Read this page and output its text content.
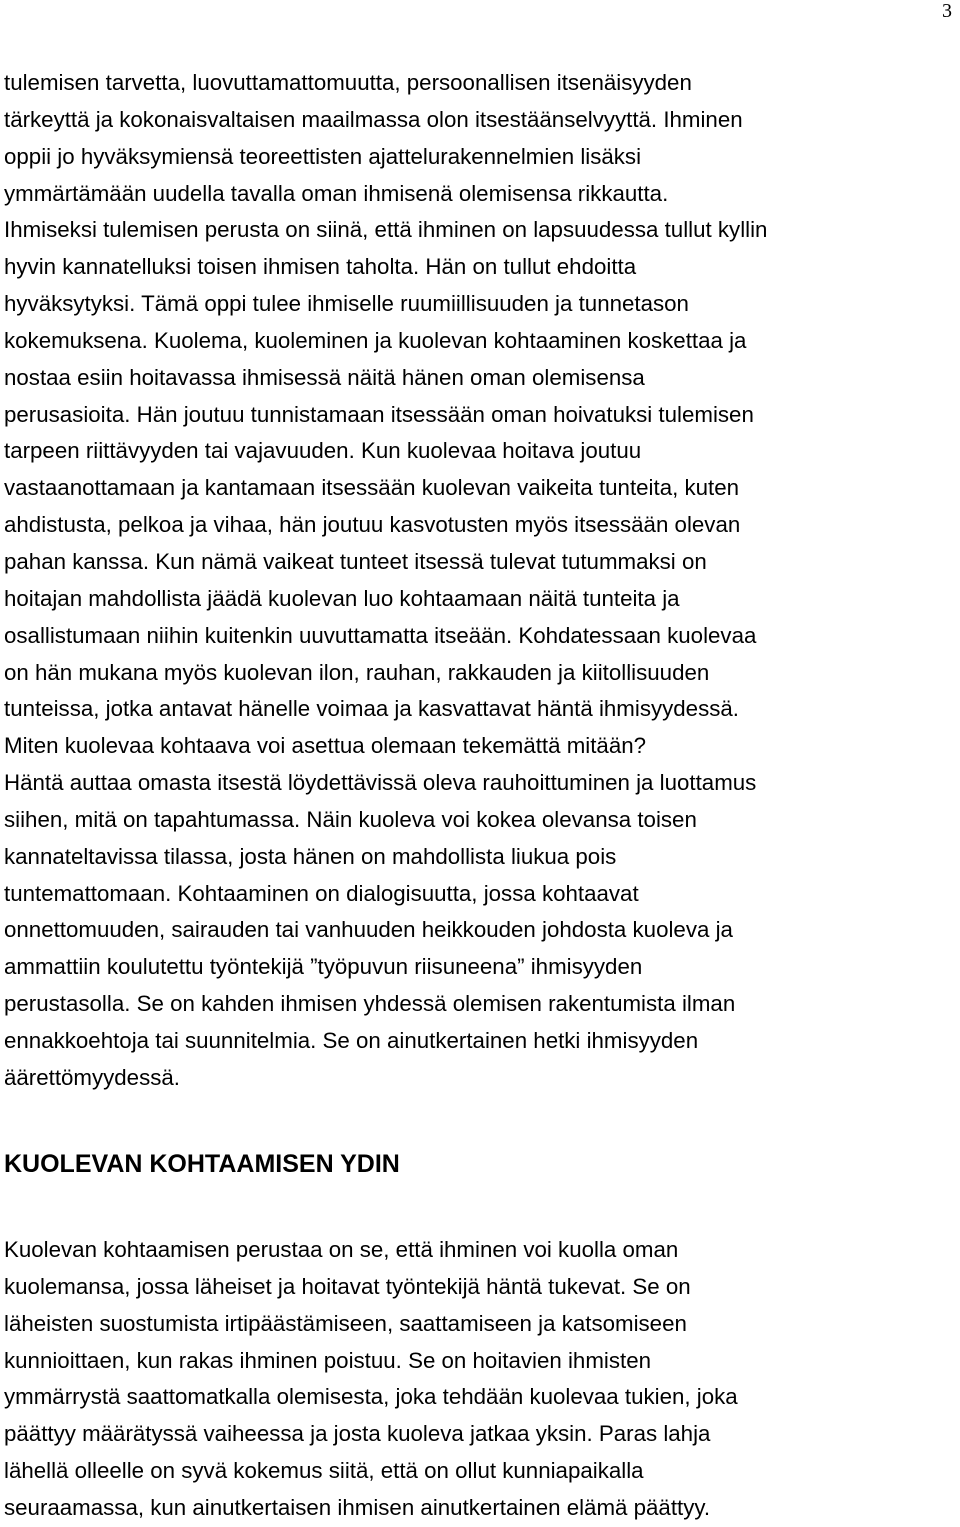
3
tulemisen tarvetta, luovuttamattomuutta, persoonallisen itsenäisyyden
tärkeyttä ja kokonaisvaltaisen maailmassa olon itsestäänselvyyttä. Ihminen
oppii jo hyväksymiensä teoreettisten ajattelurakennelmien lisäksi
ymmärtämään uudella tavalla oman ihmisenä olemisensa rikkautta.
Ihmiseksi tulemisen perusta on siinä, että ihminen on lapsuudessa tullut kyllin
hyvin kannatelluksi toisen ihmisen taholta. Hän on tullut ehdoitta
hyväksytyksi. Tämä oppi tulee ihmiselle ruumiillisuuden ja tunnetason
kokemuksena. Kuolema, kuoleminen ja kuolevan kohtaaminen koskettaa ja
nostaa esiin hoitavassa ihmisessä näitä hänen oman olemisensa
perusasioita. Hän joutuu tunnistamaan itsessään oman hoivatuksi tulemisen
tarpeen riittävyyden tai vajavuuden. Kun kuolevaa hoitava joutuu
vastaanottamaan ja kantamaan itsessään kuolevan vaikeita tunteita, kuten
ahdistusta, pelkoa ja vihaa, hän joutuu kasvotusten myös itsessään olevan
pahan kanssa. Kun nämä vaikeat tunteet itsessä tulevat tutummaksi on
hoitajan mahdollista jäädä kuolevan luo kohtaamaan näitä tunteita ja
osallistumaan niihin kuitenkin uuvuttamatta itseään. Kohdatessaan kuolevaa
on hän mukana myös kuolevan ilon, rauhan, rakkauden ja kiitollisuuden
tunteissa, jotka antavat hänelle voimaa ja kasvattavat häntä ihmisyydessä.
Miten kuolevaa kohtaava voi asettua olemaan tekemättä mitään?
Häntä auttaa omasta itsestä löydettävissä oleva rauhoittuminen ja luottamus
siihen, mitä on tapahtumassa. Näin kuoleva voi kokea olevansa toisen
kannateltavissa tilassa, josta hänen on mahdollista liukua pois
tuntemattomaan. Kohtaaminen on dialogisuutta, jossa kohtaavat
onnettomuuden, sairauden tai vanhuuden heikkouden johdosta kuoleva ja
ammattiin koulutettu työntekijä ”työpuvun riisuneena” ihmisyyden
perustasolla. Se on kahden ihmisen yhdessä olemisen rakentumista ilman
ennakkoehtoja tai suunnitelmia. Se on ainutkertainen hetki ihmisyyden
äärettömyydessä.
KUOLEVAN KOHTAAMISEN YDIN
Kuolevan kohtaamisen perustaa on se, että ihminen voi kuolla oman
kuolemansa, jossa läheiset ja hoitavat työntekijä häntä tukevat. Se on
läheisten suostumista irtipäästämiseen, saattamiseen ja katsomiseen
kunnioittaen, kun rakas ihminen poistuu. Se on hoitavien ihmisten
ymmärrystä saattomatkalla olemisesta, joka tehdään kuolevaa tukien, joka
päättyy määrätyssä vaiheessa ja josta kuoleva jatkaa yksin. Paras lahja
lähellä olleelle on syvä kokemus siitä, että on ollut kunniapaikalla
seuraamassa, kun ainutkertaisen ihmisen ainutkertainen elämä päättyy.
